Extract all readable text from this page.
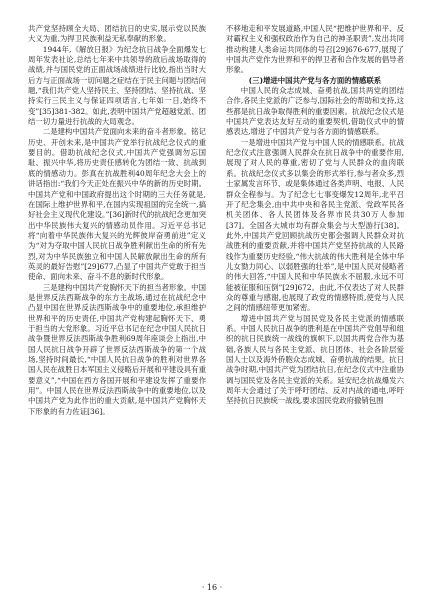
共产党坚持顾全大局、团结抗日的史实,展示党以民族大义为重,为捍卫民族利益无私奉献的形象。

1944年,《解放日报》为纪念抗日战争全面爆发七周年发表社论,总结七年来中共领导的敌后战场取得的战绩,并与国民党的正面战场战绩进行比较,指出当时大后方与正面战场一切问题之症结在于民主问题与团结问题,“我们共产党人坚持民主、坚持团结、坚持抗战、坚持实行三民主义与保证四项诺言,七年如一日,始终不变”[35]381-382。如此,表明中国共产党超越党派、团结一切力量进行抗战的大局观念。

二是建构中国共产党面向未来的奋斗者形象。铭记历史、开创未来,是中国共产党举行抗战纪念仪式的重要目的。借助抗战纪念仪式,中国共产党强调勿忘国耻、振兴中华,将历史责任感转化为团结一致、抗战到底的情感动力。彭真在抗战胜利40周年纪念大会上的讲话指出:“我们今天正处在振兴中华的新的历史时期。中国共产党和中国政府提出这个时期的三大任务就是,在国际上维护世界和平,在国内实现祖国的完全统一,搞好社会主义现代化建设。”[36]新时代的抗战纪念更加突出中华民族伟大复兴的情感动员作用。习近平总书记将“向着中华民族伟大复兴的光辉彼岸奋勇前进”定义为“对为夺取中国人民抗日战争胜利献出生命的所有先烈,对为中华民族独立和中国人民解放献出生命的所有英灵的最好告慰”[29]677,凸显了中国共产党敢于担当使命、面向未来、奋斗不息的新时代形象。

三是建构中国共产党胸怀天下的担当者形象。中国是世界反法西斯战争的东方主战场,通过在抗战纪念中凸显中国在世界反法西斯战争中的重要地位,承担维护世界和平的历史责任,中国共产党构建起胸怀天下、勇于担当的大党形象。习近平总书记在纪念中国人民抗日战争暨世界反法西斯战争胜利69周年座谈会上指出,中国人民抗日战争开辟了世界反法西斯战争的第一个战场,坚持时间最长,“中国人民抗日战争的胜利对世界各国人民在战胜日本军国主义侵略后开展和平建设具有重要意义”,“中国在西方各国开展和平建设发挥了重要作用”。中国人民在世界反法西斯战争中的重要地位,以及中国共产党为此作出的重大贡献,是中国共产党胸怀天下形象的有力佐证[36]。

不移地走和平发展道路,中国人民“把维护世界和平、反对霸权主义和强权政治作为自己的神圣职责”,发出共同推动构建人类命运共同体的号召[29]676-677,展现了中国共产党作为世界和平的捍卫者和合作发展的倡导者形象。

(三)增进中国共产党与各方面的情感联系

中国人民的众志成城、奋勇抗战,国共两党的团结合作,各民主党派的广泛参与,国际社会的帮助和支持,这些都是抗日战争取得胜利的重要因素。抗战纪念仪式是中国共产党表达友好互动的重要契机,借助仪式中的情感表达,增进了中国共产党与各方面的情感联系。

一是增进中国共产党与中国人民的情感联系。抗战纪念仪式注意强调人民群众在抗日战争中的重要作用,展现了对人民的尊重,密切了党与人民群众的血肉联系。抗战纪念仪式多以集会的形式举行,参与者众多,烈士家属发言环节、或是集体通过各类声明、电报、人民群众全程参与。为了纪念七七事变爆发12周年,北平召开了纪念集会,由中共中央和各民主党派、党政军民各机关团体、各人民团体及各界市民共30万人参加[37]。全国各大城市均有群众集会与大型游行[38]。此外,中国共产党回顾抗战历史都会强调人民群众对抗战胜利的重要贡献,并将中国共产党坚持抗战的人民路线作为重要历史经验,“伟大抗战的伟大胜利是全体中华儿女勠力同心、以弱胜强的壮举”,是中国人民对侵略者的伟大回答,“中国人民和中华民族永不屈服,永远不可能被征服和压倒”[29]672。由此,不仅表达了对人民群众的尊重与感谢,也展现了政党的情感特质,使党与人民之间的情感纽带更加紧密。

增进中国共产党与国民党及各民主党派的情感联系。中国人民抗日战争的胜利是在中国共产党倡导和组织的抗日民族统一战线的旗帜下,以国共两党合作为基础,各族人民与各民主党派、抗日团体、社会各阶层爱国人士以及海外侨胞众志成城、奋勇抗战的结果。抗日战争时期,中国共产党为团结抗日,在纪念仪式中注重协调与国民党及各民主党派的关系。延安纪念抗战爆发六周年大会通过了关于呼吁团结、反对内战的通电,呼吁坚持抗日民族统一战线,要求国民党政府撤销包围

· 16 ·
